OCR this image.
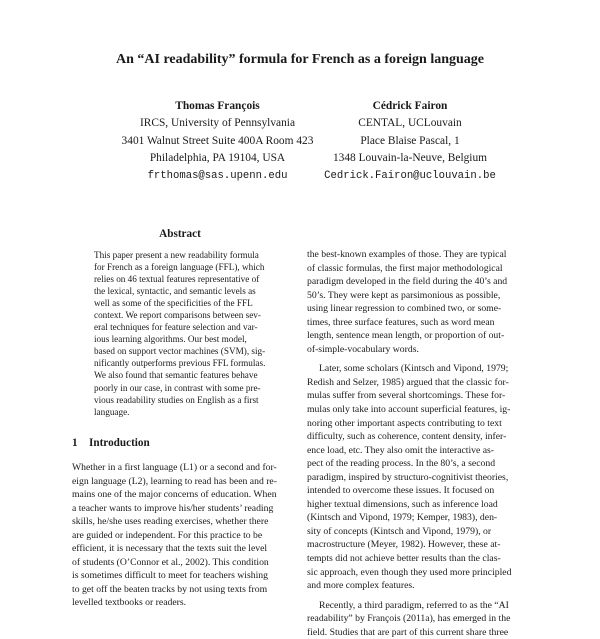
An “AI readability” formula for French as a foreign language
Thomas François
IRCS, University of Pennsylvania
3401 Walnut Street Suite 400A Room 423
Philadelphia, PA 19104, USA
frthomas@sas.upenn.edu
Cédrick Fairon
CENTAL, UCLouvain
Place Blaise Pascal, 1
1348 Louvain-la-Neuve, Belgium
Cedrick.Fairon@uclouvain.be
Abstract
This paper present a new readability formula
for French as a foreign language (FFL), which
relies on 46 textual features representative of
the lexical, syntactic, and semantic levels as
well as some of the specificities of the FFL
context. We report comparisons between sev-
eral techniques for feature selection and var-
ious learning algorithms. Our best model,
based on support vector machines (SVM), sig-
nificantly outperforms previous FFL formulas.
We also found that semantic features behave
poorly in our case, in contrast with some pre-
vious readability studies on English as a first
language.
1 Introduction
Whether in a first language (L1) or a second and for-
eign language (L2), learning to read has been and re-
mains one of the major concerns of education. When
a teacher wants to improve his/her students’ reading
skills, he/she uses reading exercises, whether there
are guided or independent. For this practice to be
efficient, it is necessary that the texts suit the level
of students (O’Connor et al., 2002). This condition
is sometimes difficult to meet for teachers wishing
to get off the beaten tracks by not using texts from
levelled textbooks or readers.
the best-known examples of those. They are typical
of classic formulas, the first major methodological
paradigm developed in the field during the 40’s and
50’s. They were kept as parsimonious as possible,
using linear regression to combined two, or some-
times, three surface features, such as word mean
length, sentence mean length, or proportion of out-
of-simple-vocabulary words.
Later, some scholars (Kintsch and Vipond, 1979;
Redish and Selzer, 1985) argued that the classic for-
mulas suffer from several shortcomings. These for-
mulas only take into account superficial features, ig-
noring other important aspects contributing to text
difficulty, such as coherence, content density, infer-
ence load, etc. They also omit the interactive as-
pect of the reading process. In the 80’s, a second
paradigm, inspired by structuro-cognitivist theories,
intended to overcome these issues. It focused on
higher textual dimensions, such as inference load
(Kintsch and Vipond, 1979; Kemper, 1983), den-
sity of concepts (Kintsch and Vipond, 1979), or
macrostructure (Meyer, 1982). However, these at-
tempts did not achieve better results than the clas-
sic approach, even though they used more principled
and more complex features.
Recently, a third paradigm, referred to as the “AI
readability” by François (2011a), has emerged in the
field. Studies that are part of this current share three
